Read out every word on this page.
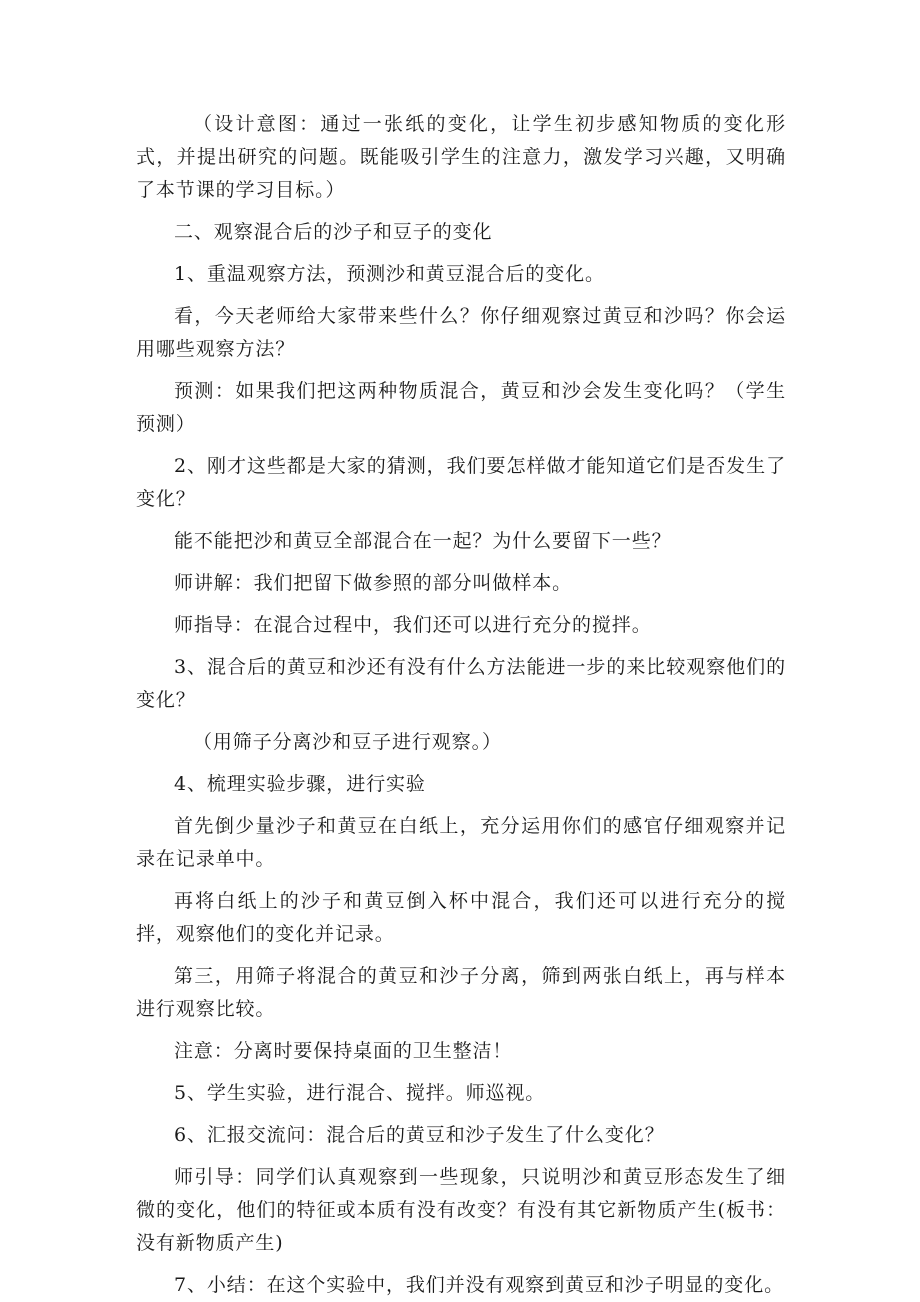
（设计意图：通过一张纸的变化，让学生初步感知物质的变化形式，并提出研究的问题。既能吸引学生的注意力，激发学习兴趣，又明确了本节课的学习目标。）

二、观察混合后的沙子和豆子的变化

1、重温观察方法，预测沙和黄豆混合后的变化。

看，今天老师给大家带来些什么？你仔细观察过黄豆和沙吗？你会运用哪些观察方法？

预测：如果我们把这两种物质混合，黄豆和沙会发生变化吗？（学生预测）

2、刚才这些都是大家的猜测，我们要怎样做才能知道它们是否发生了变化？

能不能把沙和黄豆全部混合在一起？为什么要留下一些？

师讲解：我们把留下做参照的部分叫做样本。

师指导：在混合过程中，我们还可以进行充分的搅拌。

3、混合后的黄豆和沙还有没有什么方法能进一步的来比较观察他们的变化？

（用筛子分离沙和豆子进行观察。）

4、梳理实验步骤，进行实验

首先倒少量沙子和黄豆在白纸上，充分运用你们的感官仔细观察并记录在记录单中。

再将白纸上的沙子和黄豆倒入杯中混合，我们还可以进行充分的搅拌，观察他们的变化并记录。

第三，用筛子将混合的黄豆和沙子分离，筛到两张白纸上，再与样本进行观察比较。

注意：分离时要保持桌面的卫生整洁！

5、学生实验，进行混合、搅拌。师巡视。

6、汇报交流问：混合后的黄豆和沙子发生了什么变化？

师引导：同学们认真观察到一些现象，只说明沙和黄豆形态发生了细微的变化，他们的特征或本质有没有改变？有没有其它新物质产生(板书：没有新物质产生)

7、小结：在这个实验中，我们并没有观察到黄豆和沙子明显的变化。
